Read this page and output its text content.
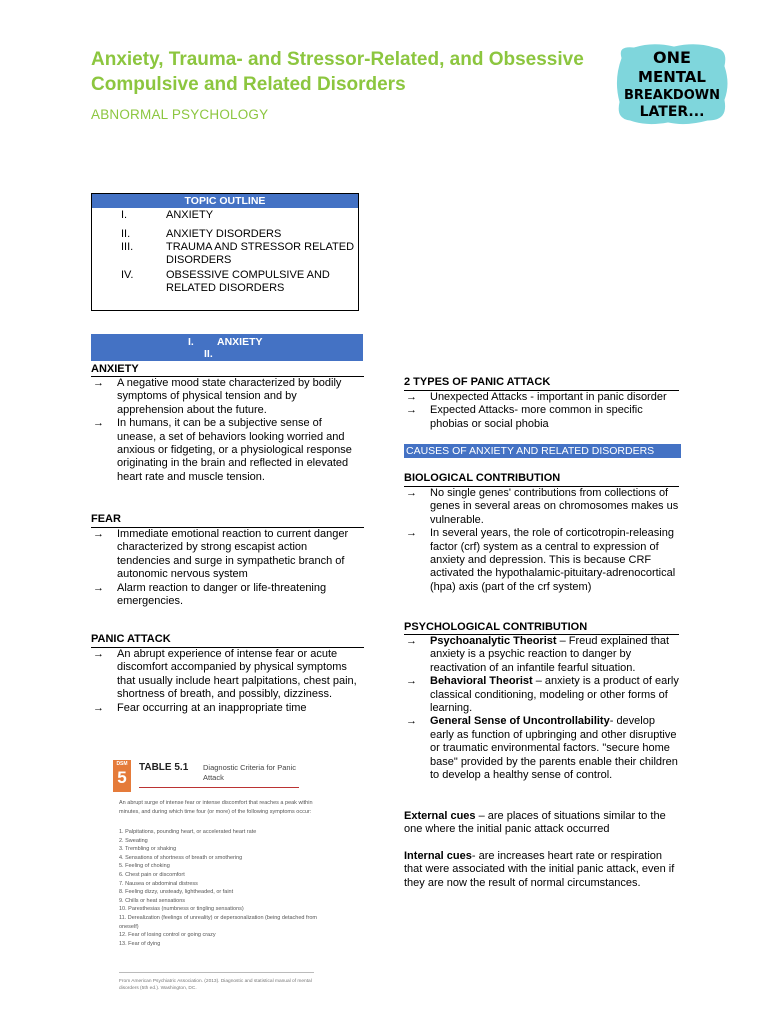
Anxiety, Trauma- and Stressor-Related, and Obsessive Compulsive and Related Disorders
ABNORMAL PSYCHOLOGY
ONE
MENTAL
BREAKDOWN
LATER...
TOPIC OUTLINE
I.	ANXIETY
II.	ANXIETY DISORDERS
III.	TRAUMA AND STRESSOR RELATED DISORDERS
IV.	OBSESSIVE COMPULSIVE AND RELATED DISORDERS
I. ANXIETY
II.
ANXIETY
→ A negative mood state characterized by bodily symptoms of physical tension and by apprehension about the future.
→ In humans, it can be a subjective sense of unease, a set of behaviors looking worried and anxious or fidgeting, or a physiological response originating in the brain and reflected in elevated heart rate and muscle tension.
FEAR
→ Immediate emotional reaction to current danger characterized by strong escapist action tendencies and surge in sympathetic branch of autonomic nervous system
→ Alarm reaction to danger or life-threatening emergencies.
PANIC ATTACK
→ An abrupt experience of intense fear or acute discomfort accompanied by physical symptoms that usually include heart palpitations, chest pain, shortness of breath, and possibly, dizziness.
→ Fear occurring at an inappropriate time
DSM
5
TABLE 5.1 Diagnostic Criteria for Panic Attack
An abrupt surge of intense fear or intense discomfort that reaches a peak within minutes, and during which time four (or more) of the following symptoms occur:
1. Palpitations, pounding heart, or accelerated heart rate
2. Sweating
3. Trembling or shaking
4. Sensations of shortness of breath or smothering
5. Feeling of choking
6. Chest pain or discomfort
7. Nausea or abdominal distress
8. Feeling dizzy, unsteady, lightheaded, or faint
9. Chills or heat sensations
10. Paresthesias (numbness or tingling sensations)
11. Derealization (feelings of unreality) or depersonalization (being detached from oneself)
12. Fear of losing control or going crazy
13. Fear of dying
From American Psychiatric Association. (2013). Diagnostic and statistical manual of mental disorders (5th ed.). Washington, DC.
2 TYPES OF PANIC ATTACK
→ Unexpected Attacks - important in panic disorder
→ Expected Attacks- more common in specific phobias or social phobia
CAUSES OF ANXIETY AND RELATED DISORDERS
BIOLOGICAL CONTRIBUTION
→ No single genes' contributions from collections of genes in several areas on chromosomes makes us vulnerable.
→ In several years, the role of corticotropin-releasing factor (crf) system as a central to expression of anxiety and depression. This is because CRF activated the hypothalamic-pituitary-adrenocortical (hpa) axis (part of the crf system)
PSYCHOLOGICAL CONTRIBUTION
→ Psychoanalytic Theorist – Freud explained that anxiety is a psychic reaction to danger by reactivation of an infantile fearful situation.
→ Behavioral Theorist – anxiety is a product of early classical conditioning, modeling or other forms of learning.
→ General Sense of Uncontrollability- develop early as function of upbringing and other disruptive or traumatic environmental factors. "secure home base" provided by the parents enable their children to develop a healthy sense of control.
External cues – are places of situations similar to the one where the initial panic attack occurred
Internal cues- are increases heart rate or respiration that were associated with the initial panic attack, even if they are now the result of normal circumstances.
